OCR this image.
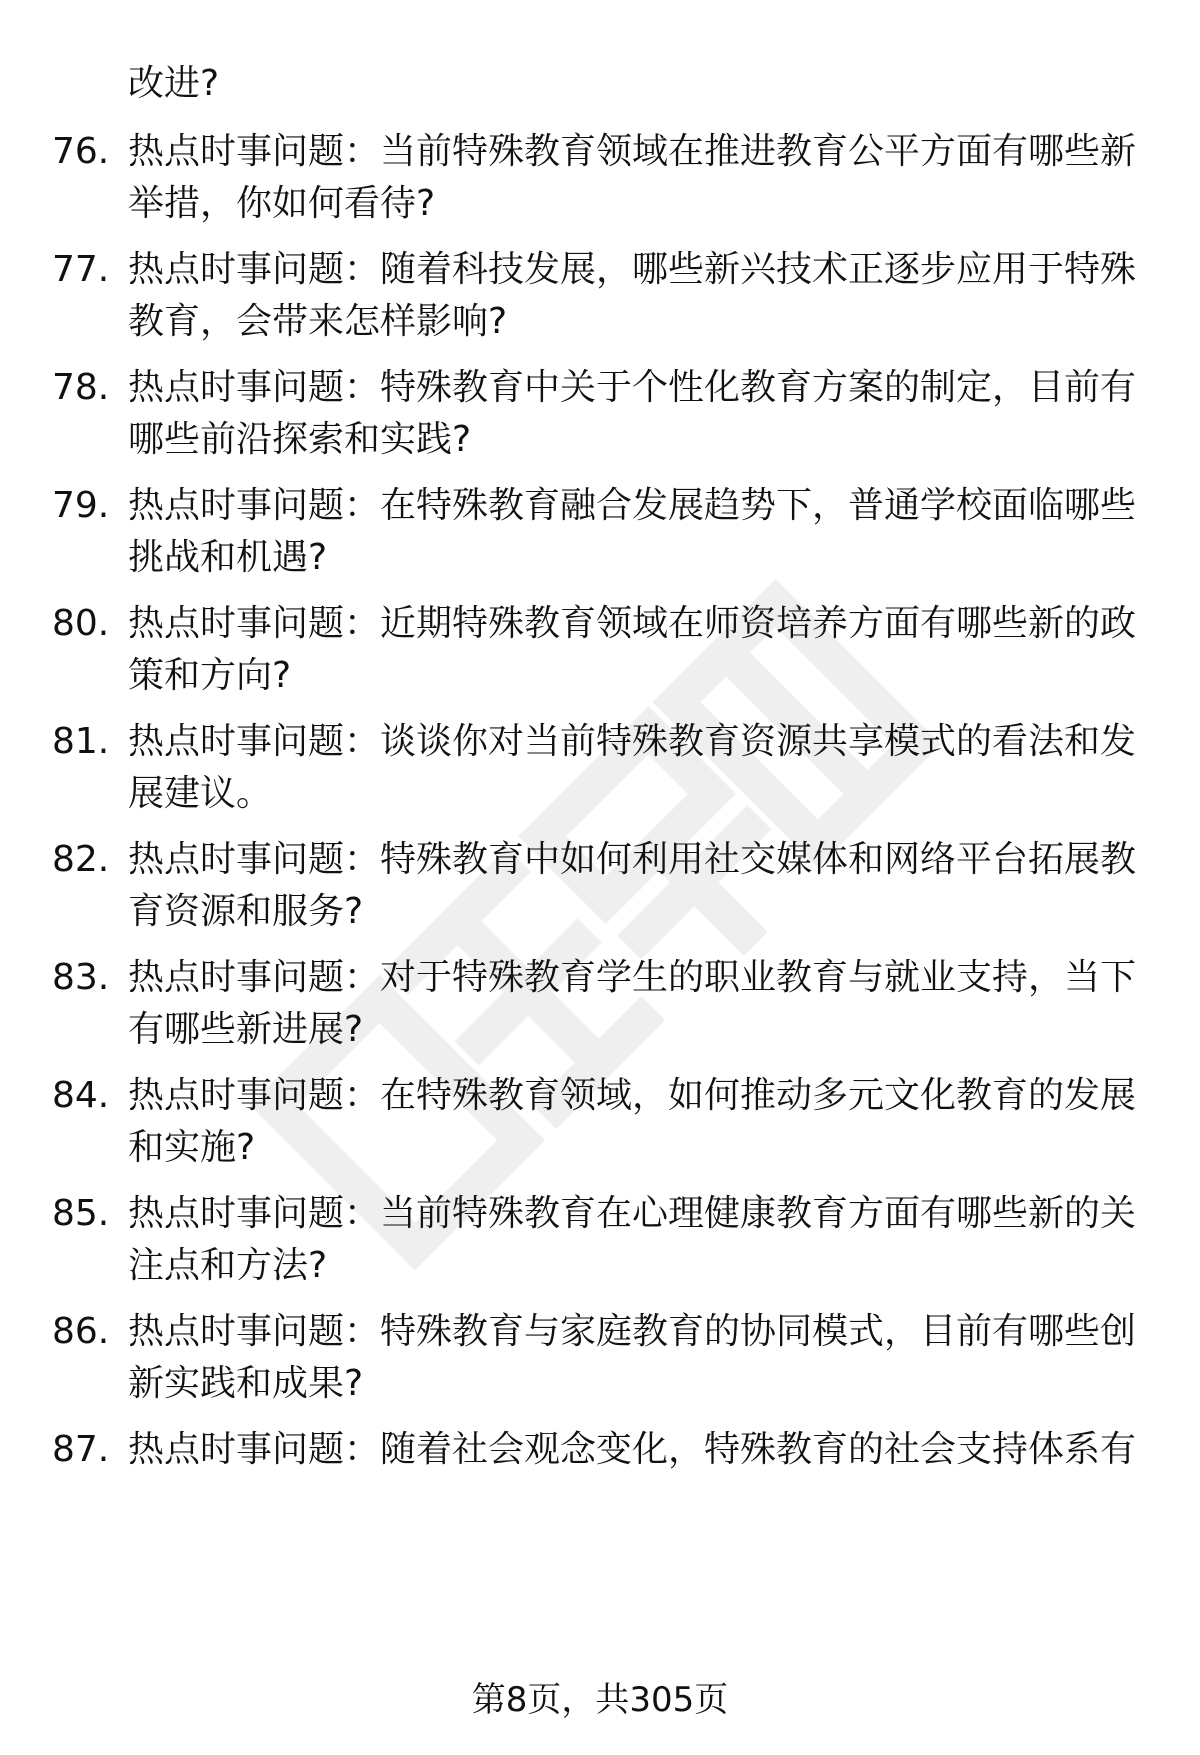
改进?

76. 热点时事问题：当前特殊教育领域在推进教育公平方面有哪些新
举措，你如何看待?

77. 热点时事问题：随着科技发展，哪些新兴技术正逐步应用于特殊
教育，会带来怎样影响?

78. 热点时事问题：特殊教育中关于个性化教育方案的制定，目前有
哪些前沿探索和实践?

79. 热点时事问题：在特殊教育融合发展趋势下，普通学校面临哪些
挑战和机遇?

80. 热点时事问题：近期特殊教育领域在师资培养方面有哪些新的政
策和方向?

81. 热点时事问题：谈谈你对当前特殊教育资源共享模式的看法和发
展建议。

82. 热点时事问题：特殊教育中如何利用社交媒体和网络平台拓展教
育资源和服务?

83. 热点时事问题：对于特殊教育学生的职业教育与就业支持，当下
有哪些新进展?

84. 热点时事问题：在特殊教育领域，如何推动多元文化教育的发展
和实施?

85. 热点时事问题：当前特殊教育在心理健康教育方面有哪些新的关
注点和方法?

86. 热点时事问题：特殊教育与家庭教育的协同模式，目前有哪些创
新实践和成果?

87. 热点时事问题：随着社会观念变化，特殊教育的社会支持体系有

第8页，共305页
